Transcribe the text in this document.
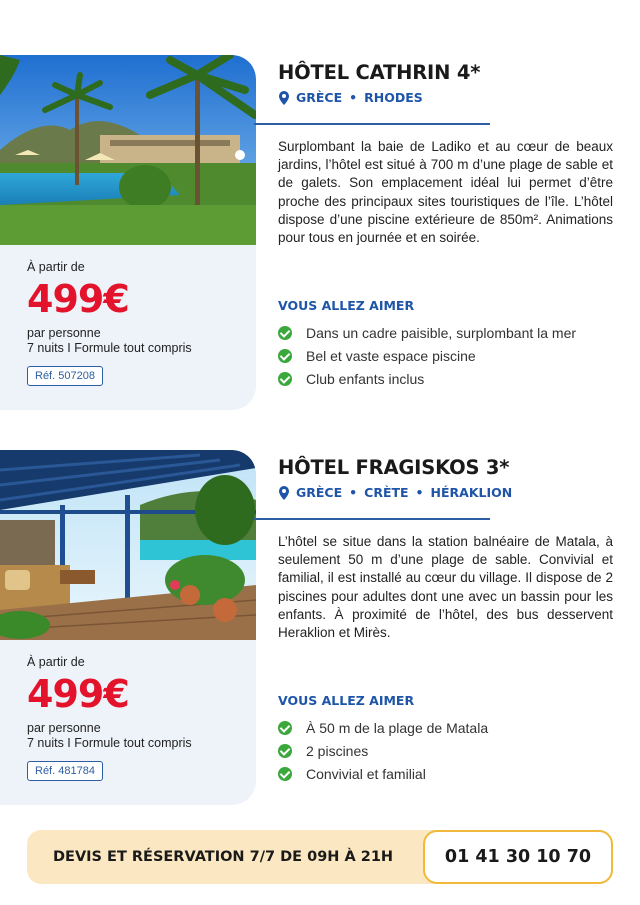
À partir de
499€
par personne
7 nuits I Formule tout compris
Réf. 507208
HÔTEL CATHRIN 4*
GRÈCE • RHODES

Surplombant la baie de Ladiko et au cœur de beaux jardins, l’hôtel est situé à 700 m d’une plage de sable et de galets. Son emplacement idéal lui permet d’être proche des principaux sites touristiques de l’île. L’hôtel dispose d’une piscine extérieure de 850m². Animations pour tous en journée et en soirée.

VOUS ALLEZ AIMER
Dans un cadre paisible, surplombant la mer
Bel et vaste espace piscine
Club enfants inclus
À partir de
499€
par personne
7 nuits I Formule tout compris
Réf. 481784
HÔTEL FRAGISKOS 3*
GRÈCE • CRÈTE • HÉRAKLION

L’hôtel se situe dans la station balnéaire de Matala, à seulement 50 m d’une plage de sable. Convivial et familial, il est installé au cœur du village. Il dispose de 2 piscines pour adultes dont une avec un bassin pour les enfants. À proximité de l’hôtel, des bus desservent Heraklion et Mirès.

VOUS ALLEZ AIMER
À 50 m de la plage de Matala
2 piscines
Convivial et familial
DEVIS ET RÉSERVATION 7/7 DE 09H À 21H	01 41 30 10 70
